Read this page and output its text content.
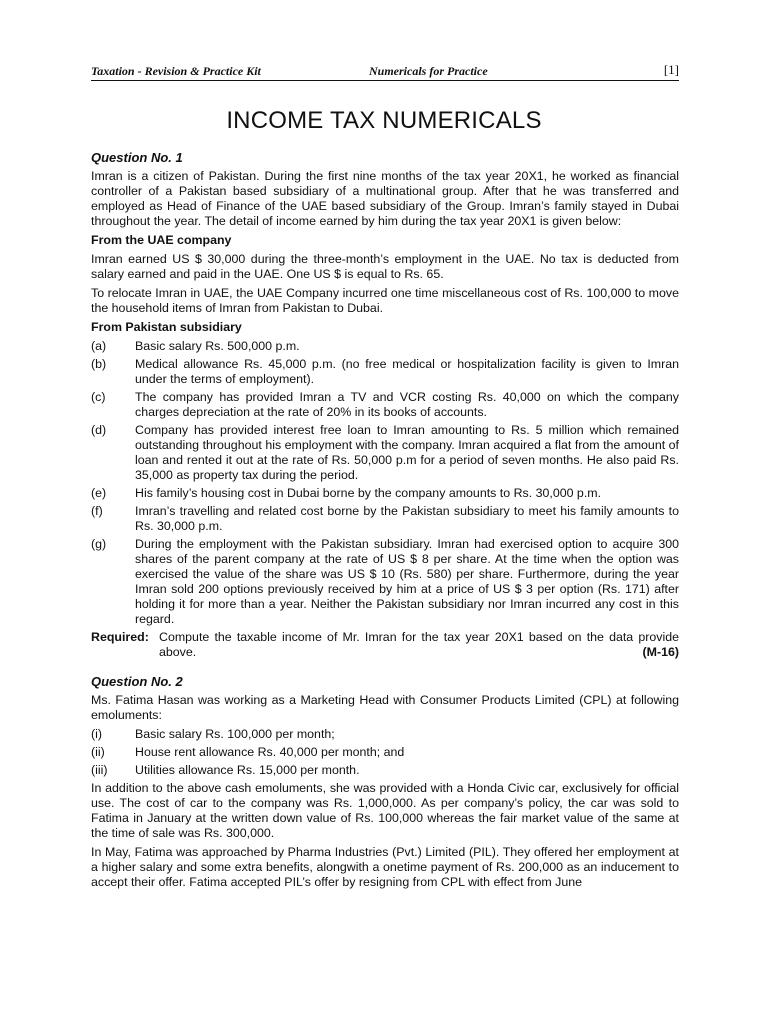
Taxation - Revision & Practice Kit	Numericals for Practice	[1]
INCOME TAX NUMERICALS
Question No. 1

Imran is a citizen of Pakistan. During the first nine months of the tax year 20X1, he worked as financial controller of a Pakistan based subsidiary of a multinational group. After that he was transferred and employed as Head of Finance of the UAE based subsidiary of the Group. Imran’s family stayed in Dubai throughout the year. The detail of income earned by him during the tax year 20X1 is given below:

From the UAE company

Imran earned US $ 30,000 during the three-month’s employment in the UAE. No tax is deducted from salary earned and paid in the UAE. One US $ is equal to Rs. 65.

To relocate Imran in UAE, the UAE Company incurred one time miscellaneous cost of Rs. 100,000 to move the household items of Imran from Pakistan to Dubai.

From Pakistan subsidiary
(a)	Basic salary Rs. 500,000 p.m.
(b)	Medical allowance Rs. 45,000 p.m. (no free medical or hospitalization facility is given to Imran under the terms of employment).
(c)	The company has provided Imran a TV and VCR costing Rs. 40,000 on which the company charges depreciation at the rate of 20% in its books of accounts.
(d)	Company has provided interest free loan to Imran amounting to Rs. 5 million which remained outstanding throughout his employment with the company. Imran acquired a flat from the amount of loan and rented it out at the rate of Rs. 50,000 p.m for a period of seven months. He also paid Rs. 35,000 as property tax during the period.
(e)	His family’s housing cost in Dubai borne by the company amounts to Rs. 30,000 p.m.
(f)	Imran’s travelling and related cost borne by the Pakistan subsidiary to meet his family amounts to Rs. 30,000 p.m.
(g)	During the employment with the Pakistan subsidiary. Imran had exercised option to acquire 300 shares of the parent company at the rate of US $ 8 per share. At the time when the option was exercised the value of the share was US $ 10 (Rs. 580) per share. Furthermore, during the year Imran sold 200 options previously received by him at a price of US $ 3 per option (Rs. 171) after holding it for more than a year. Neither the Pakistan subsidiary nor Imran incurred any cost in this regard.
Required: Compute the taxable income of Mr. Imran for the tax year 20X1 based on the data provide above.	(M-16)
Question No. 2

Ms. Fatima Hasan was working as a Marketing Head with Consumer Products Limited (CPL) at following emoluments:

(i)	Basic salary Rs. 100,000 per month;
(ii)	House rent allowance Rs. 40,000 per month; and
(iii)	Utilities allowance Rs. 15,000 per month.

In addition to the above cash emoluments, she was provided with a Honda Civic car, exclusively for official use. The cost of car to the company was Rs. 1,000,000. As per company’s policy, the car was sold to Fatima in January at the written down value of Rs. 100,000 whereas the fair market value of the same at the time of sale was Rs. 300,000.

In May, Fatima was approached by Pharma Industries (Pvt.) Limited (PIL). They offered her employment at a higher salary and some extra benefits, alongwith a onetime payment of Rs. 200,000 as an inducement to accept their offer. Fatima accepted PIL’s offer by resigning from CPL with effect from June
